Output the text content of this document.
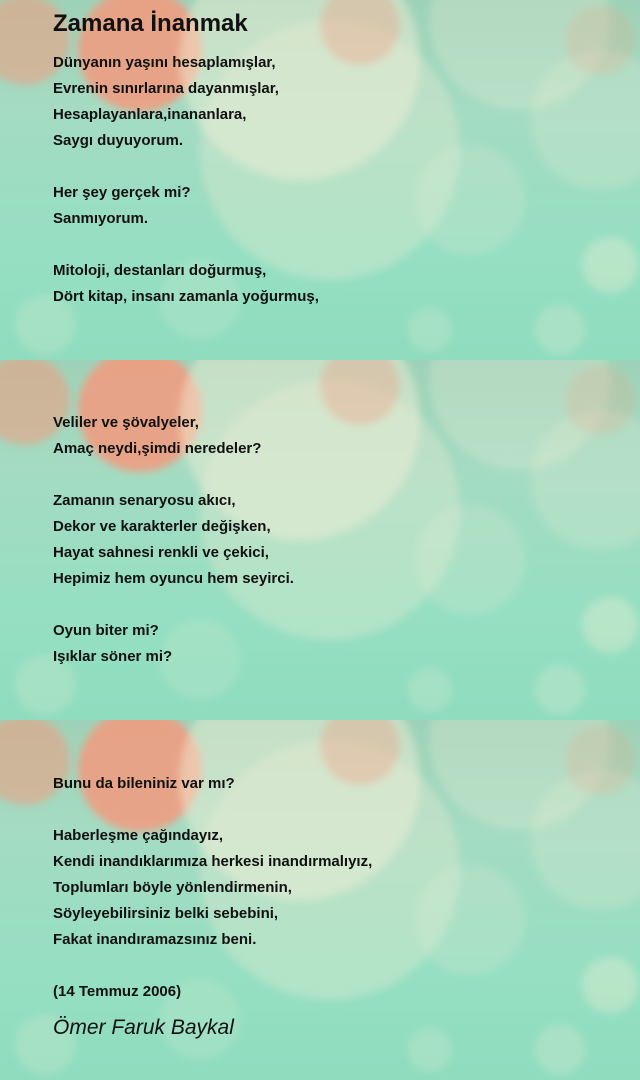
Zamana İnanmak
Dünyanın yaşını hesaplamışlar,
Evrenin sınırlarına dayanmışlar,
Hesaplayanlara,inananlara,
Saygı duyuyorum.
Her şey gerçek mi?
Sanmıyorum.
Mitoloji, destanları doğurmuş,
Dört kitap, insanı zamanla yoğurmuş,
Veliler ve şövalyeler,
Amaç neydi,şimdi neredeler?
Zamanın senaryosu akıcı,
Dekor ve karakterler değişken,
Hayat sahnesi renkli ve çekici,
Hepimiz hem oyuncu hem seyirci.
Oyun biter mi?
Işıklar söner mi?
Bunu da bileniniz var mı?
Haberleşme çağındayız,
Kendi inandıklarımıza herkesi inandırmalıyız,
Toplumları böyle yönlendirmenin,
Söyleyebilirsiniz belki sebebini,
Fakat inandıramazsınız beni.
(14 Temmuz 2006)
Ömer Faruk Baykal
